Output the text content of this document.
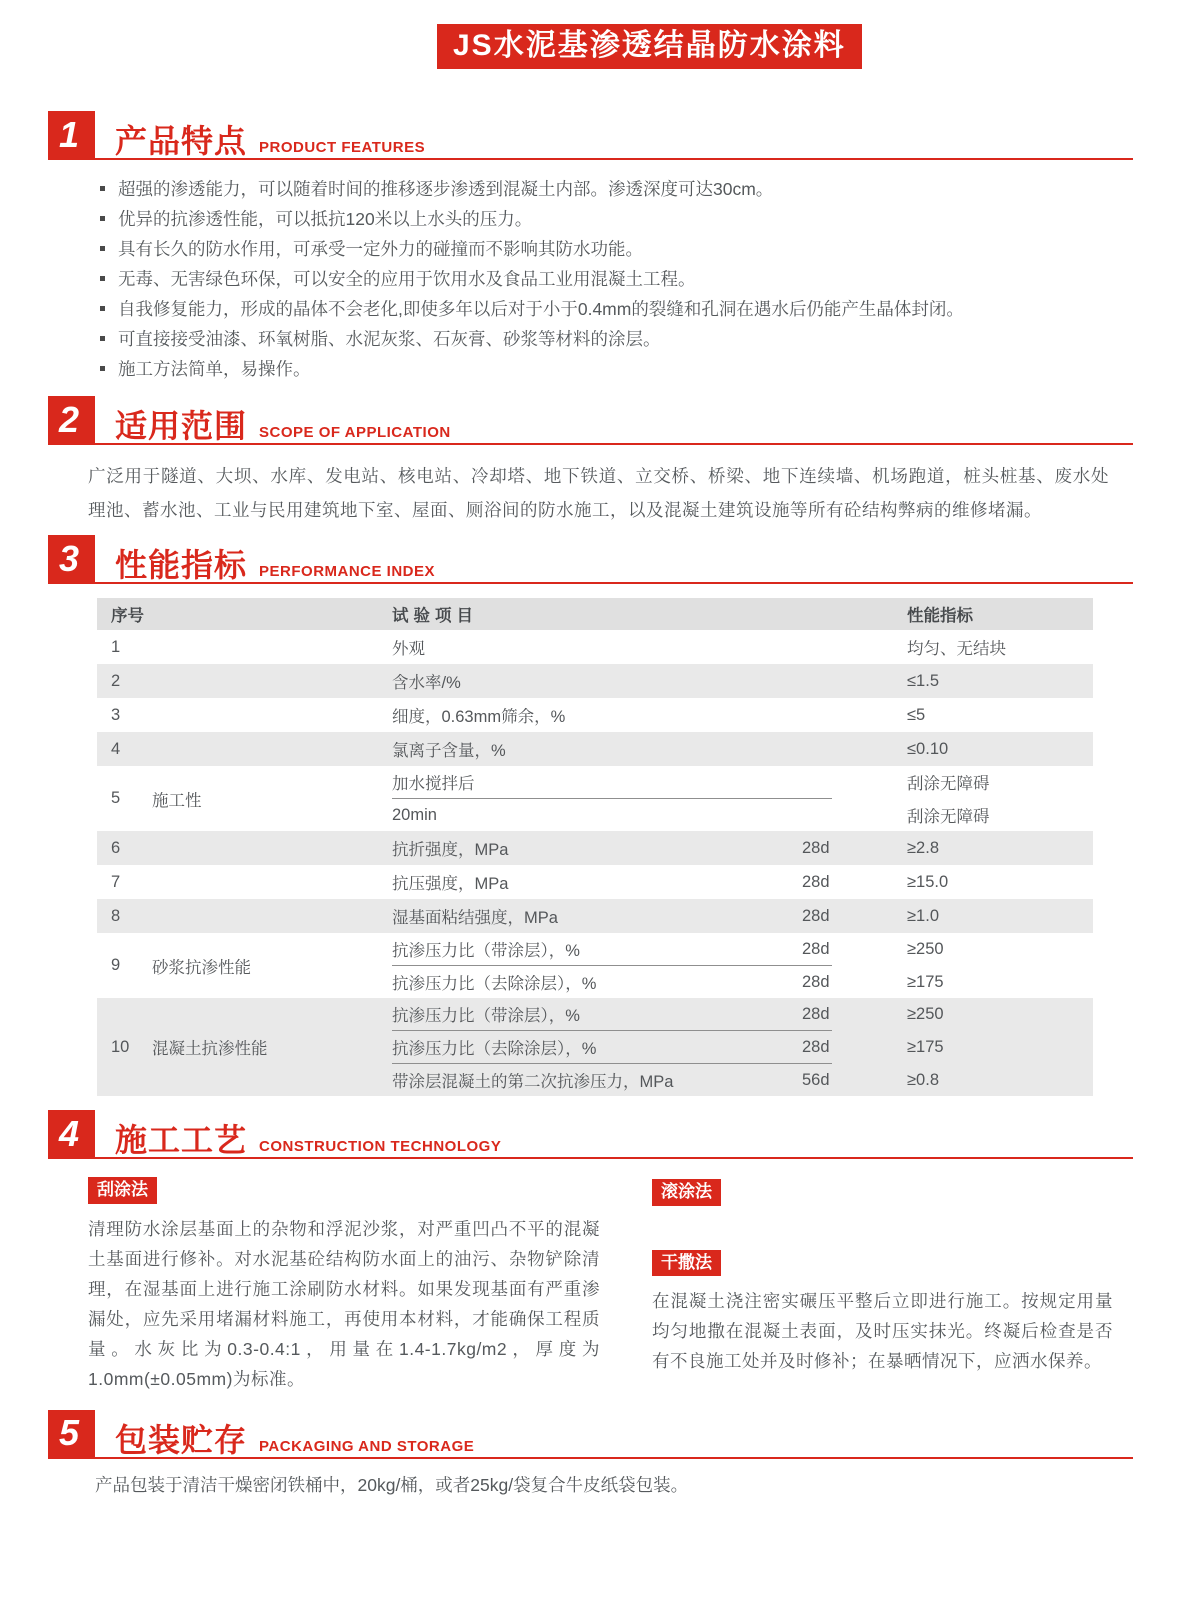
JS水泥基渗透结晶防水涂料
1	产品特点 PRODUCT FEATURES
超强的渗透能力，可以随着时间的推移逐步渗透到混凝土内部。渗透深度可达30cm。
优异的抗渗透性能，可以抵抗120米以上水头的压力。
具有长久的防水作用，可承受一定外力的碰撞而不影响其防水功能。
无毒、无害绿色环保，可以安全的应用于饮用水及食品工业用混凝土工程。
自我修复能力，形成的晶体不会老化,即使多年以后对于小于0.4mm的裂缝和孔洞在遇水后仍能产生晶体封闭。
可直接接受油漆、环氧树脂、水泥灰浆、石灰膏、砂浆等材料的涂层。
施工方法简单，易操作。
2	适用范围 SCOPE OF APPLICATION

广泛用于隧道、大坝、水库、发电站、核电站、冷却塔、地下铁道、立交桥、桥梁、地下连续墙、机场跑道，桩头桩基、废水处理池、蓄水池、工业与民用建筑地下室、屋面、厕浴间的防水施工，以及混凝土建筑设施等所有砼结构弊病的维修堵漏。

3	性能指标 PERFORMANCE INDEX
序号	试验项目	性能指标
1	外观	均匀、无结块
2	含水率/%	≤1.5
3	细度，0.63mm筛余，%	≤5
4	氯离子含量，%	≤0.10
5	施工性
加水搅拌后	刮涂无障碍
20min	刮涂无障碍
6	抗折强度，MPa	28d	≥2.8
7	抗压强度，MPa	28d	≥15.0
8	湿基面粘结强度，MPa	28d	≥1.0
9	砂浆抗渗性能
抗渗压力比（带涂层），%	28d	≥250
抗渗压力比（去除涂层），%	28d	≥175
10	混凝土抗渗性能
抗渗压力比（带涂层），%	28d	≥250
抗渗压力比（去除涂层），%	28d	≥175
带涂层混凝土的第二次抗渗压力，MPa	56d	≥0.8
4	施工工艺 CONSTRUCTION TECHNOLOGY
刮涂法

清理防水涂层基面上的杂物和浮泥沙浆，对严重凹凸不平的混凝土基面进行修补。对水泥基砼结构防水面上的油污、杂物铲除清理，在湿基面上进行施工涂刷防水材料。如果发现基面有严重渗漏处，应先采用堵漏材料施工，再使用本材料，才能确保工程质量。水灰比为0.3-0.4:1，用量在1.4-1.7kg/m2，厚度为1.0mm(±0.05mm)为标准。

滚涂法
干撒法

在混凝土浇注密实碾压平整后立即进行施工。按规定用量均匀地撒在混凝土表面，及时压实抹光。终凝后检查是否有不良施工处并及时修补；在暴晒情况下，应洒水保养。

5	包装贮存 PACKAGING AND STORAGE

产品包装于清洁干燥密闭铁桶中，20kg/桶，或者25kg/袋复合牛皮纸袋包装。
